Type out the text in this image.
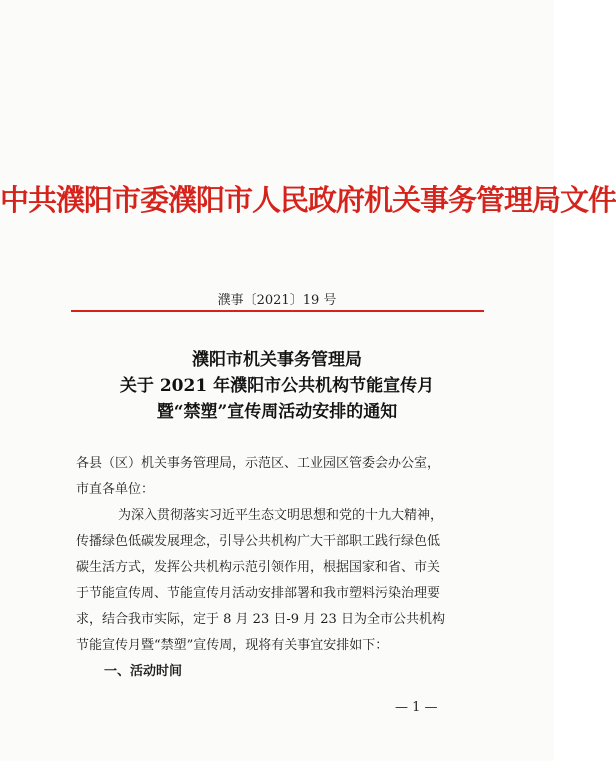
中共濮阳市委濮阳市人民政府机关事务管理局文件
濮事〔2021〕19 号
濮阳市机关事务管理局
关于 2021 年濮阳市公共机构节能宣传月
暨“禁塑”宣传周活动安排的通知
各县（区）机关事务管理局，示范区、工业园区管委会办公室，
市直各单位：
为深入贯彻落实习近平生态文明思想和党的十九大精神，
传播绿色低碳发展理念，引导公共机构广大干部职工践行绿色低
碳生活方式，发挥公共机构示范引领作用，根据国家和省、市关
于节能宣传周、节能宣传月活动安排部署和我市塑料污染治理要
求，结合我市实际，定于 8 月 23 日-9 月 23 日为全市公共机构
节能宣传月暨“禁塑”宣传周，现将有关事宜安排如下：
一、活动时间
— 1 —
